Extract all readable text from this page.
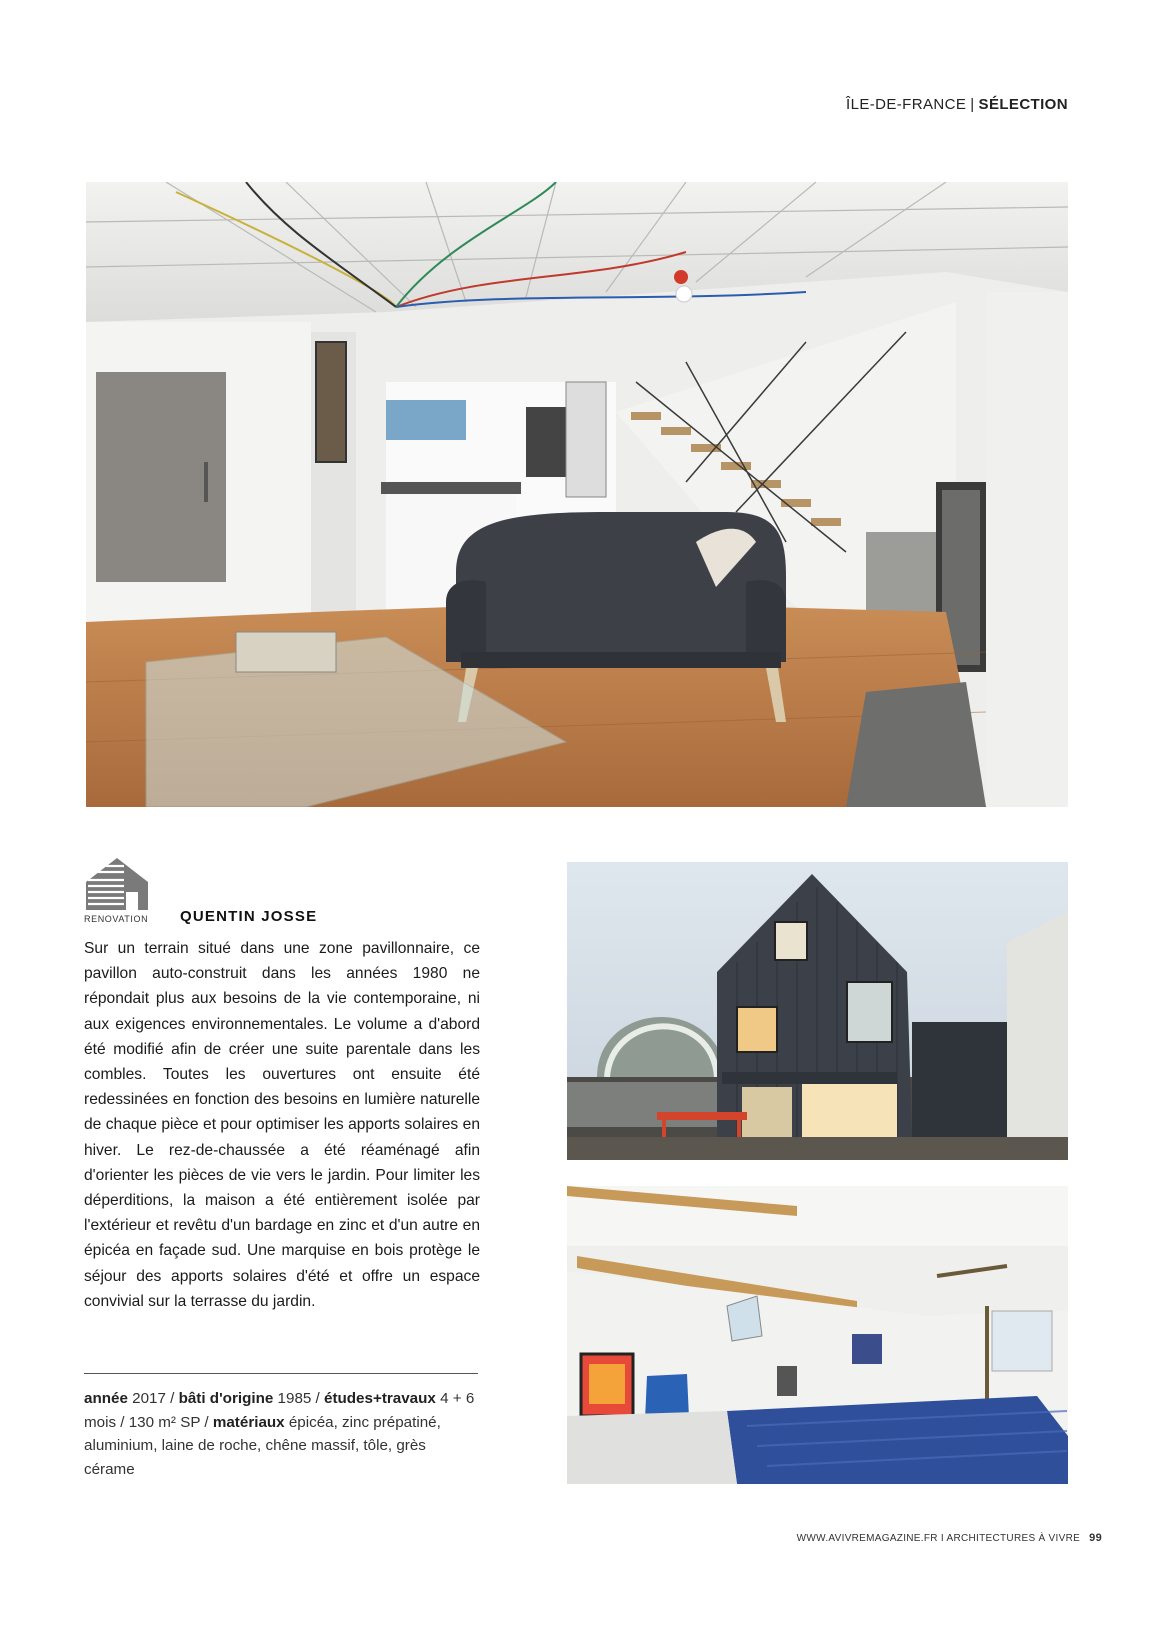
ÎLE-DE-FRANCE | SÉLECTION
RENOVATION	QUENTIN JOSSE

Sur un terrain situé dans une zone pavillonnaire, ce pavillon auto-construit dans les années 1980 ne répondait plus aux besoins de la vie contemporaine, ni aux exigences environnementales. Le volume a d'abord été modifié afin de créer une suite parentale dans les combles. Toutes les ouvertures ont ensuite été redessinées en fonction des besoins en lumière naturelle de chaque pièce et pour optimiser les apports solaires en hiver. Le rez-de-chaussée a été réaménagé afin d'orienter les pièces de vie vers le jardin. Pour limiter les déperditions, la maison a été entièrement isolée par l'extérieur et revêtu d'un bardage en zinc et d'un autre en épicéa en façade sud. Une marquise en bois protège le séjour des apports solaires d'été et offre un espace convivial sur la terrasse du jardin.

année 2017 / bâti d'origine 1985 / études+travaux 4 + 6 mois / 130 m² SP / matériaux épicéa, zinc prépatiné, aluminium, laine de roche, chêne massif, tôle, grès cérame
WWW.AVIVREMAGAZINE.FR I ARCHITECTURES À VIVRE 99
